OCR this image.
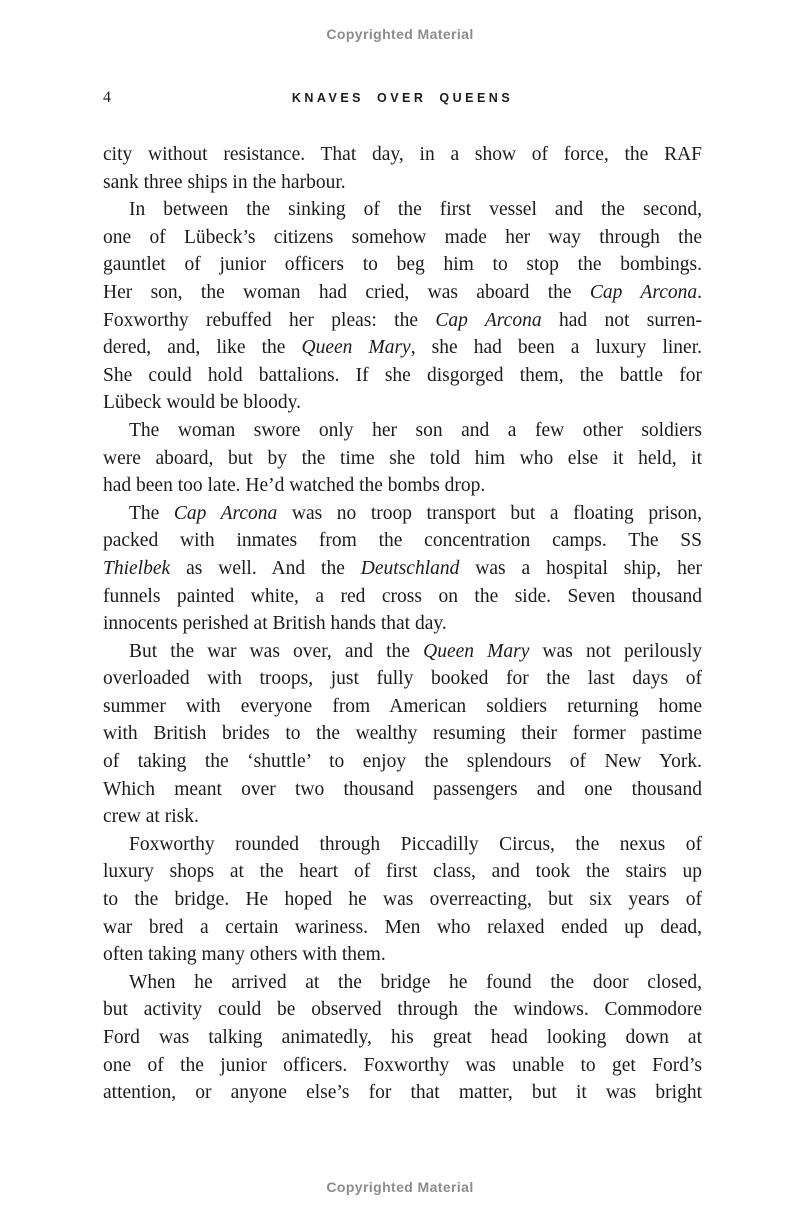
Copyrighted Material
4	KNAVES OVER QUEENS
city without resistance. That day, in a show of force, the RAF
sank three ships in the harbour.
In between the sinking of the first vessel and the second,
one of Lübeck’s citizens somehow made her way through the
gauntlet of junior officers to beg him to stop the bombings.
Her son, the woman had cried, was aboard the Cap Arcona.
Foxworthy rebuffed her pleas: the Cap Arcona had not surren-
dered, and, like the Queen Mary, she had been a luxury liner.
She could hold battalions. If she disgorged them, the battle for
Lübeck would be bloody.
The woman swore only her son and a few other soldiers
were aboard, but by the time she told him who else it held, it
had been too late. He’d watched the bombs drop.
The Cap Arcona was no troop transport but a floating prison,
packed with inmates from the concentration camps. The SS
Thielbek as well. And the Deutschland was a hospital ship, her
funnels painted white, a red cross on the side. Seven thousand
innocents perished at British hands that day.
But the war was over, and the Queen Mary was not perilously
overloaded with troops, just fully booked for the last days of
summer with everyone from American soldiers returning home
with British brides to the wealthy resuming their former pastime
of taking the ‘shuttle’ to enjoy the splendours of New York.
Which meant over two thousand passengers and one thousand
crew at risk.
Foxworthy rounded through Piccadilly Circus, the nexus of
luxury shops at the heart of first class, and took the stairs up
to the bridge. He hoped he was overreacting, but six years of
war bred a certain wariness. Men who relaxed ended up dead,
often taking many others with them.
When he arrived at the bridge he found the door closed,
but activity could be observed through the windows. Commodore
Ford was talking animatedly, his great head looking down at
one of the junior officers. Foxworthy was unable to get Ford’s
attention, or anyone else’s for that matter, but it was bright
Copyrighted Material
